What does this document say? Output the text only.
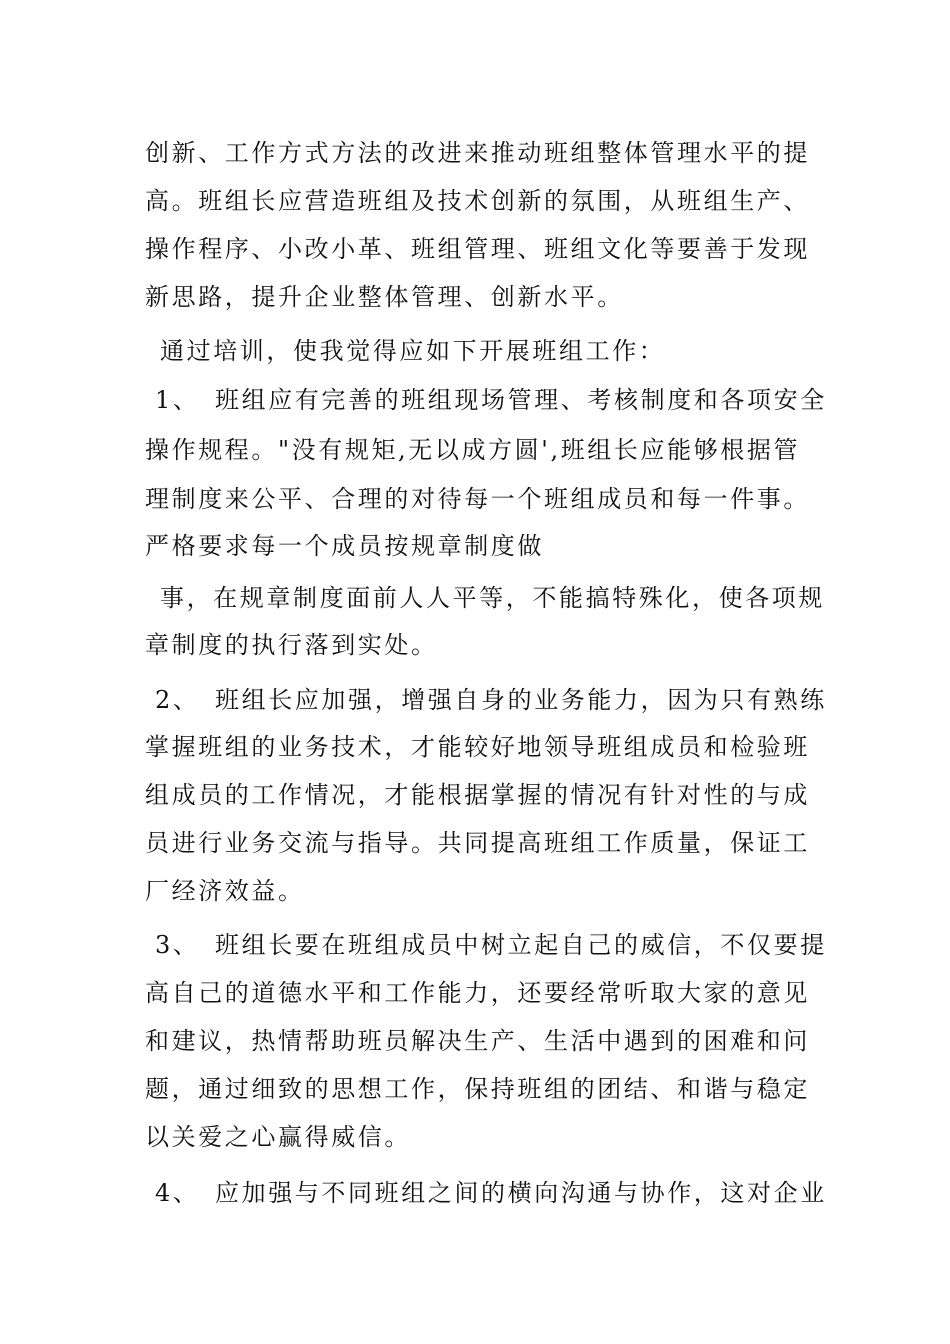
创新、工作方式方法的改进来推动班组整体管理水平的提
高。班组长应营造班组及技术创新的氛围，从班组生产、
操作程序、小改小革、班组管理、班组文化等要善于发现
新思路，提升企业整体管理、创新水平。
通过培训，使我觉得应如下开展班组工作：
1、 班组应有完善的班组现场管理、考核制度和各项安全
操作规程。"没有规矩,无以成方圆',班组长应能够根据管
理制度来公平、合理的对待每一个班组成员和每一件事。
严格要求每一个成员按规章制度做
事，在规章制度面前人人平等，不能搞特殊化，使各项规
章制度的执行落到实处。
2、 班组长应加强，增强自身的业务能力，因为只有熟练
掌握班组的业务技术，才能较好地领导班组成员和检验班
组成员的工作情况，才能根据掌握的情况有针对性的与成
员进行业务交流与指导。共同提高班组工作质量，保证工
厂经济效益。
3、 班组长要在班组成员中树立起自己的威信，不仅要提
高自己的道德水平和工作能力，还要经常听取大家的意见
和建议，热情帮助班员解决生产、生活中遇到的困难和问
题，通过细致的思想工作，保持班组的团结、和谐与稳定
以关爱之心赢得威信。
4、 应加强与不同班组之间的横向沟通与协作，这对企业
